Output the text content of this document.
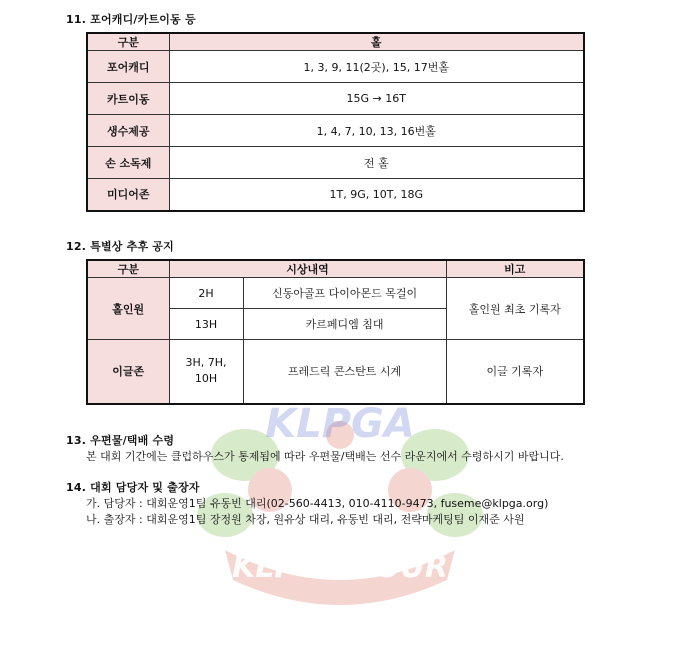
KLPGA
KLPGA TOUR
11. 포어캐디/카트이동 등
구분	홀
포어캐디	1, 3, 9, 11(2곳), 15, 17번홀
카트이동	15G → 16T
생수제공	1, 4, 7, 10, 13, 16번홀
손 소독제	전 홀
미디어존	1T, 9G, 10T, 18G
12. 특별상 추후 공지
구분	시상내역		비고
홀인원	2H	신동아골프 다이아몬드 목걸이	홀인원 최초 기록자
	13H	카르페디엠 침대	
이글존	3H, 7H, 10H	프레드릭 콘스탄트 시계	이글 기록자
13. 우편물/택배 수령
본 대회 기간에는 클럽하우스가 통제됨에 따라 우편물/택배는 선수 라운지에서 수령하시기 바랍니다.
14. 대회 담당자 및 출장자
가. 담당자 : 대회운영1팀 유동빈 대리(02-560-4413, 010-4110-9473, fuseme@klpga.org)
나. 출장자 : 대회운영1팀 장정원 차장, 원유상 대리, 유동빈 대리, 전략마케팅팀 이재준 사원
